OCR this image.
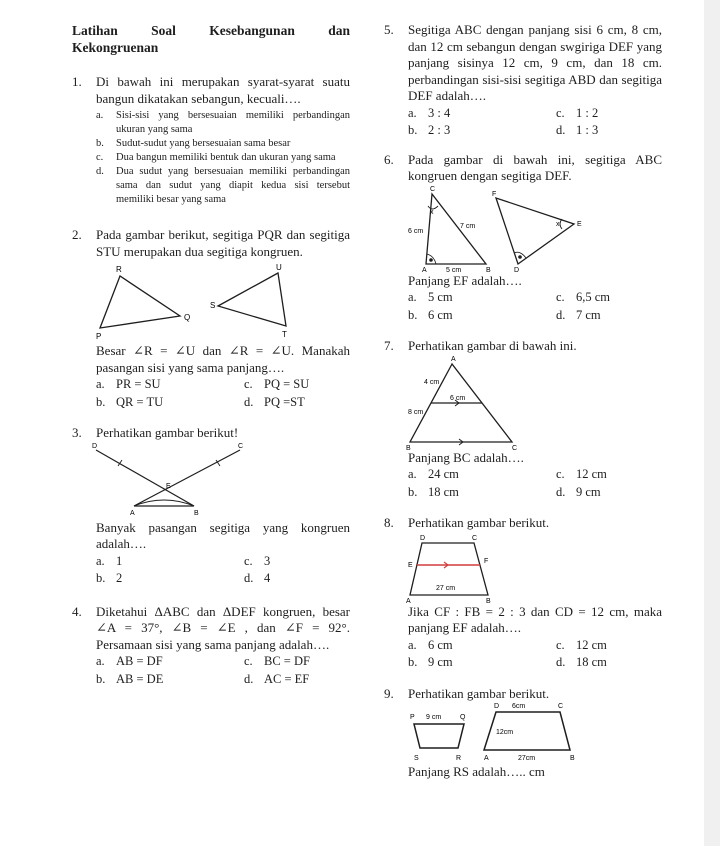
Latihan Soal Kesebangunan dan
Kekongruenan
1. Di bawah ini merupakan syarat-syarat suatu bangun dikatakan sebangun, kecuali….
a. Sisi-sisi yang bersesuaian memiliki perbandingan ukuran yang sama
b. Sudut-sudut yang bersesuaian sama besar
c. Dua bangun memiliki bentuk dan ukuran yang sama
d. Dua sudut yang bersesuaian memiliki perbandingan sama dan sudut yang diapit kedua sisi tersebut memiliki besar yang sama
2. Pada gambar berikut, segitiga PQR dan segitiga STU merupakan dua segitiga kongruen.
R
Q
P
U
S
T
Besar ∠R = ∠U dan ∠R = ∠U. Manakah pasangan sisi yang sama panjang….
a. PR = SU	c. PQ = SU
b. QR = TU	d. PQ =ST
3. Perhatikan gambar berikut!
D	C
E
A	B
Banyak pasangan segitiga yang kongruen adalah….
a. 1	c. 3
b. 2	d. 4
4. Diketahui ΔABC dan ΔDEF kongruen, besar ∠A = 37°, ∠B = ∠E , dan ∠F = 92°. Persamaan sisi yang sama panjang adalah….
a. AB = DF	c. BC = DF
b. AB = DE	d. AC = EF
5. Segitiga ABC dengan panjang sisi 6 cm, 8 cm, dan 12 cm sebangun dengan swgiriga DEF yang panjang sisinya 12 cm, 9 cm, dan 18 cm. perbandingan sisi-sisi segitiga ABD dan segitiga DEF adalah….
a. 3 : 4	c. 1 : 2
b. 2 : 3	d. 1 : 3
6. Pada gambar di bawah ini, segitiga ABC kongruen dengan segitiga DEF.
C
x
6 cm
7 cm
5 cm
A	B
F
x	E
D
Panjang EF adalah….
a. 5 cm	c. 6,5 cm
b. 6 cm	d. 7 cm
7. Perhatikan gambar di bawah ini.
A
4 cm
6 cm
8 cm
B	C
Panjang BC adalah….
a. 24 cm	c. 12 cm
b. 18 cm	d. 9 cm
8. Perhatikan gambar berikut.
D	C
E
F
27 cm
A	B
Jika CF : FB = 2 : 3 dan CD = 12 cm, maka panjang EF adalah….
a. 6 cm	c. 12 cm
b. 9 cm	d. 18 cm
9. Perhatikan gambar berikut.
P 9 cm	Q
S	R
D 6cm	C
12cm
A	27cm	B
Panjang RS adalah….. cm
